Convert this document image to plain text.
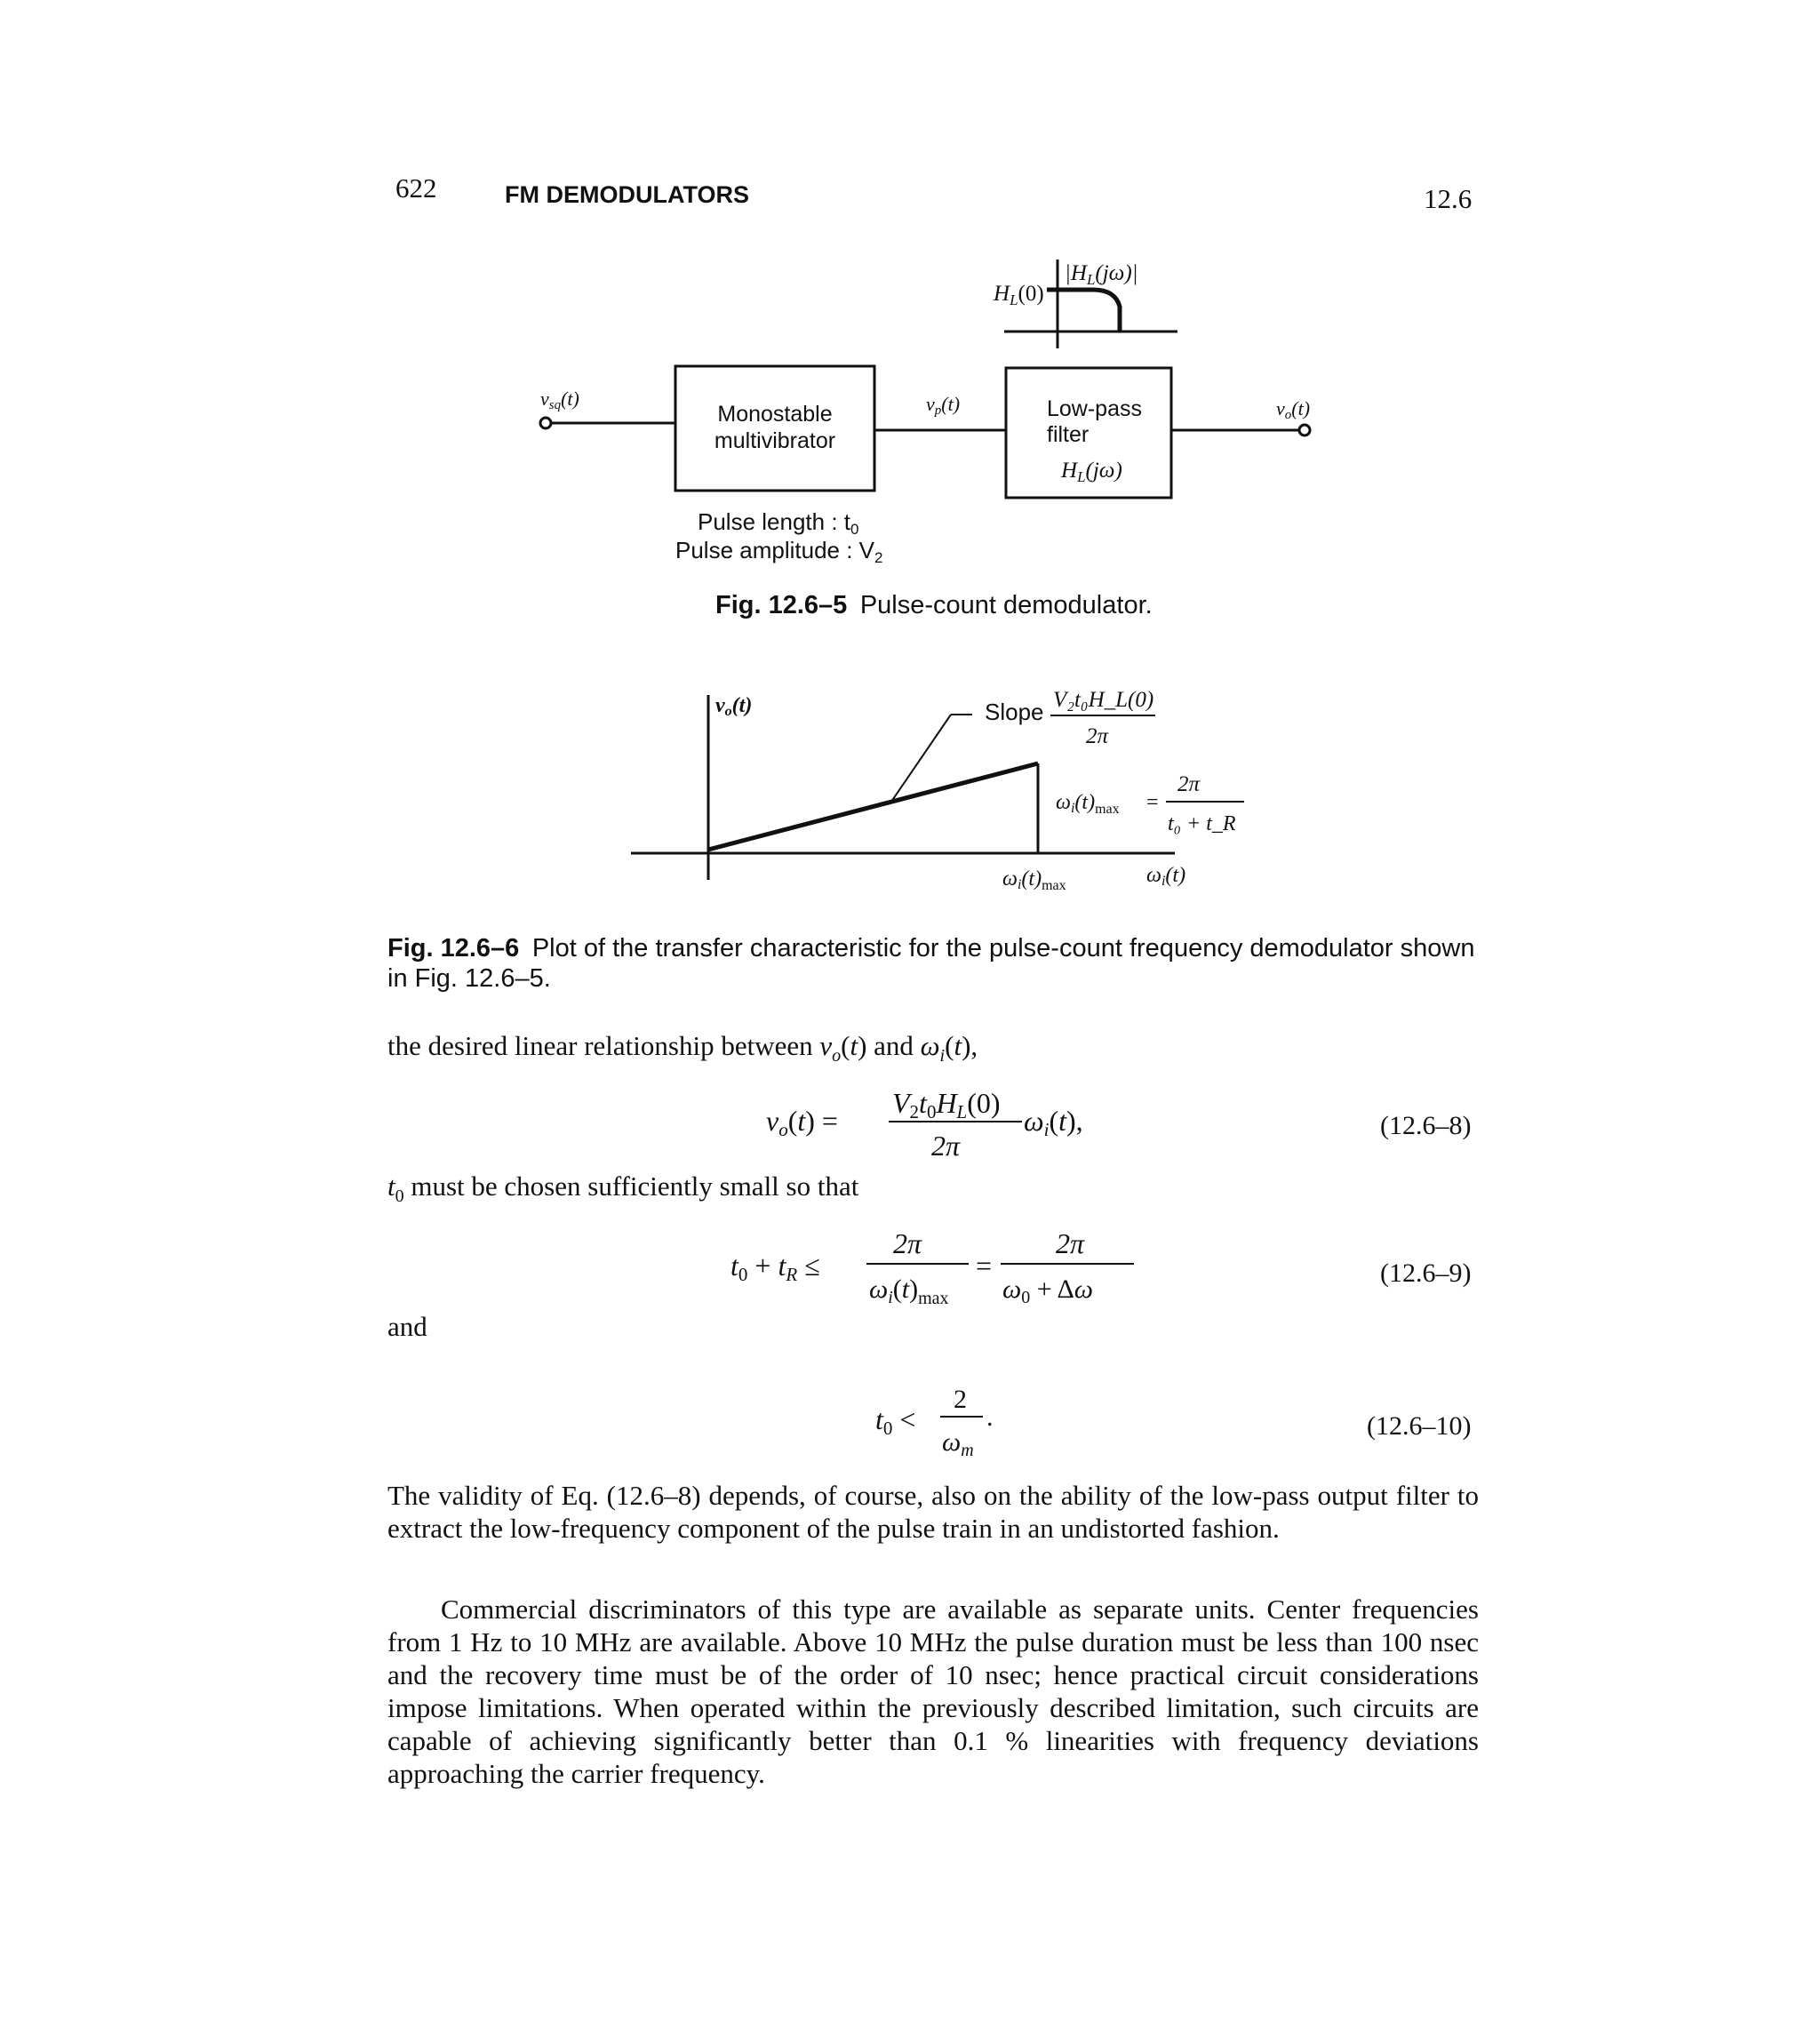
622	FM DEMODULATORS	12.6
$|H_L(j\omega)|$
$H_L(0)$
vsq(t)
Monostable
multivibrator
vp(t)	Low-pass
filter
$H_L(j\omega)$
vo(t)
Pulse length : t0
Pulse amplitude : V2
Fig. 12.6–5 Pulse-count demodulator.
vo(t)	Slope V₂t₀H_L(0)
2π
$\omega i(t)_{max}$ =
2π
t₀ + t_R
$\omega i(t)_{max}$	ωi(t)
Fig. 12.6–6 Plot of the transfer characteristic for the pulse-count frequency demodulator shown
in Fig. 12.6–5.
the desired linear relationship between $v_o(t)$ and $\omega_i(t)$,
vo(t) =
V2t0HL(0)
2π
ωi(t),	(12.6–8)
$t_0$ must be chosen sufficiently small so that
t0 + tR ≤
2π
$\omega_i(t)_{max}$
=
2π
$\omega_0 + \Delta\omega$
(12.6–9)
and
t0 <
2
$\omega_m$
.	(12.6–10)
The validity of Eq. (12.6–8) depends, of course, also on the ability of the low-pass output filter to extract the low-frequency component of the pulse train in an undistorted fashion.
Commercial discriminators of this type are available as separate units. Center frequencies from 1 Hz to 10 MHz are available. Above 10 MHz the pulse duration must be less than 100 nsec and the recovery time must be of the order of 10 nsec; hence practical circuit considerations impose limitations. When operated within the previously described limitation, such circuits are capable of achieving significantly better than 0.1 % linearities with frequency deviations approaching the carrier frequency.
